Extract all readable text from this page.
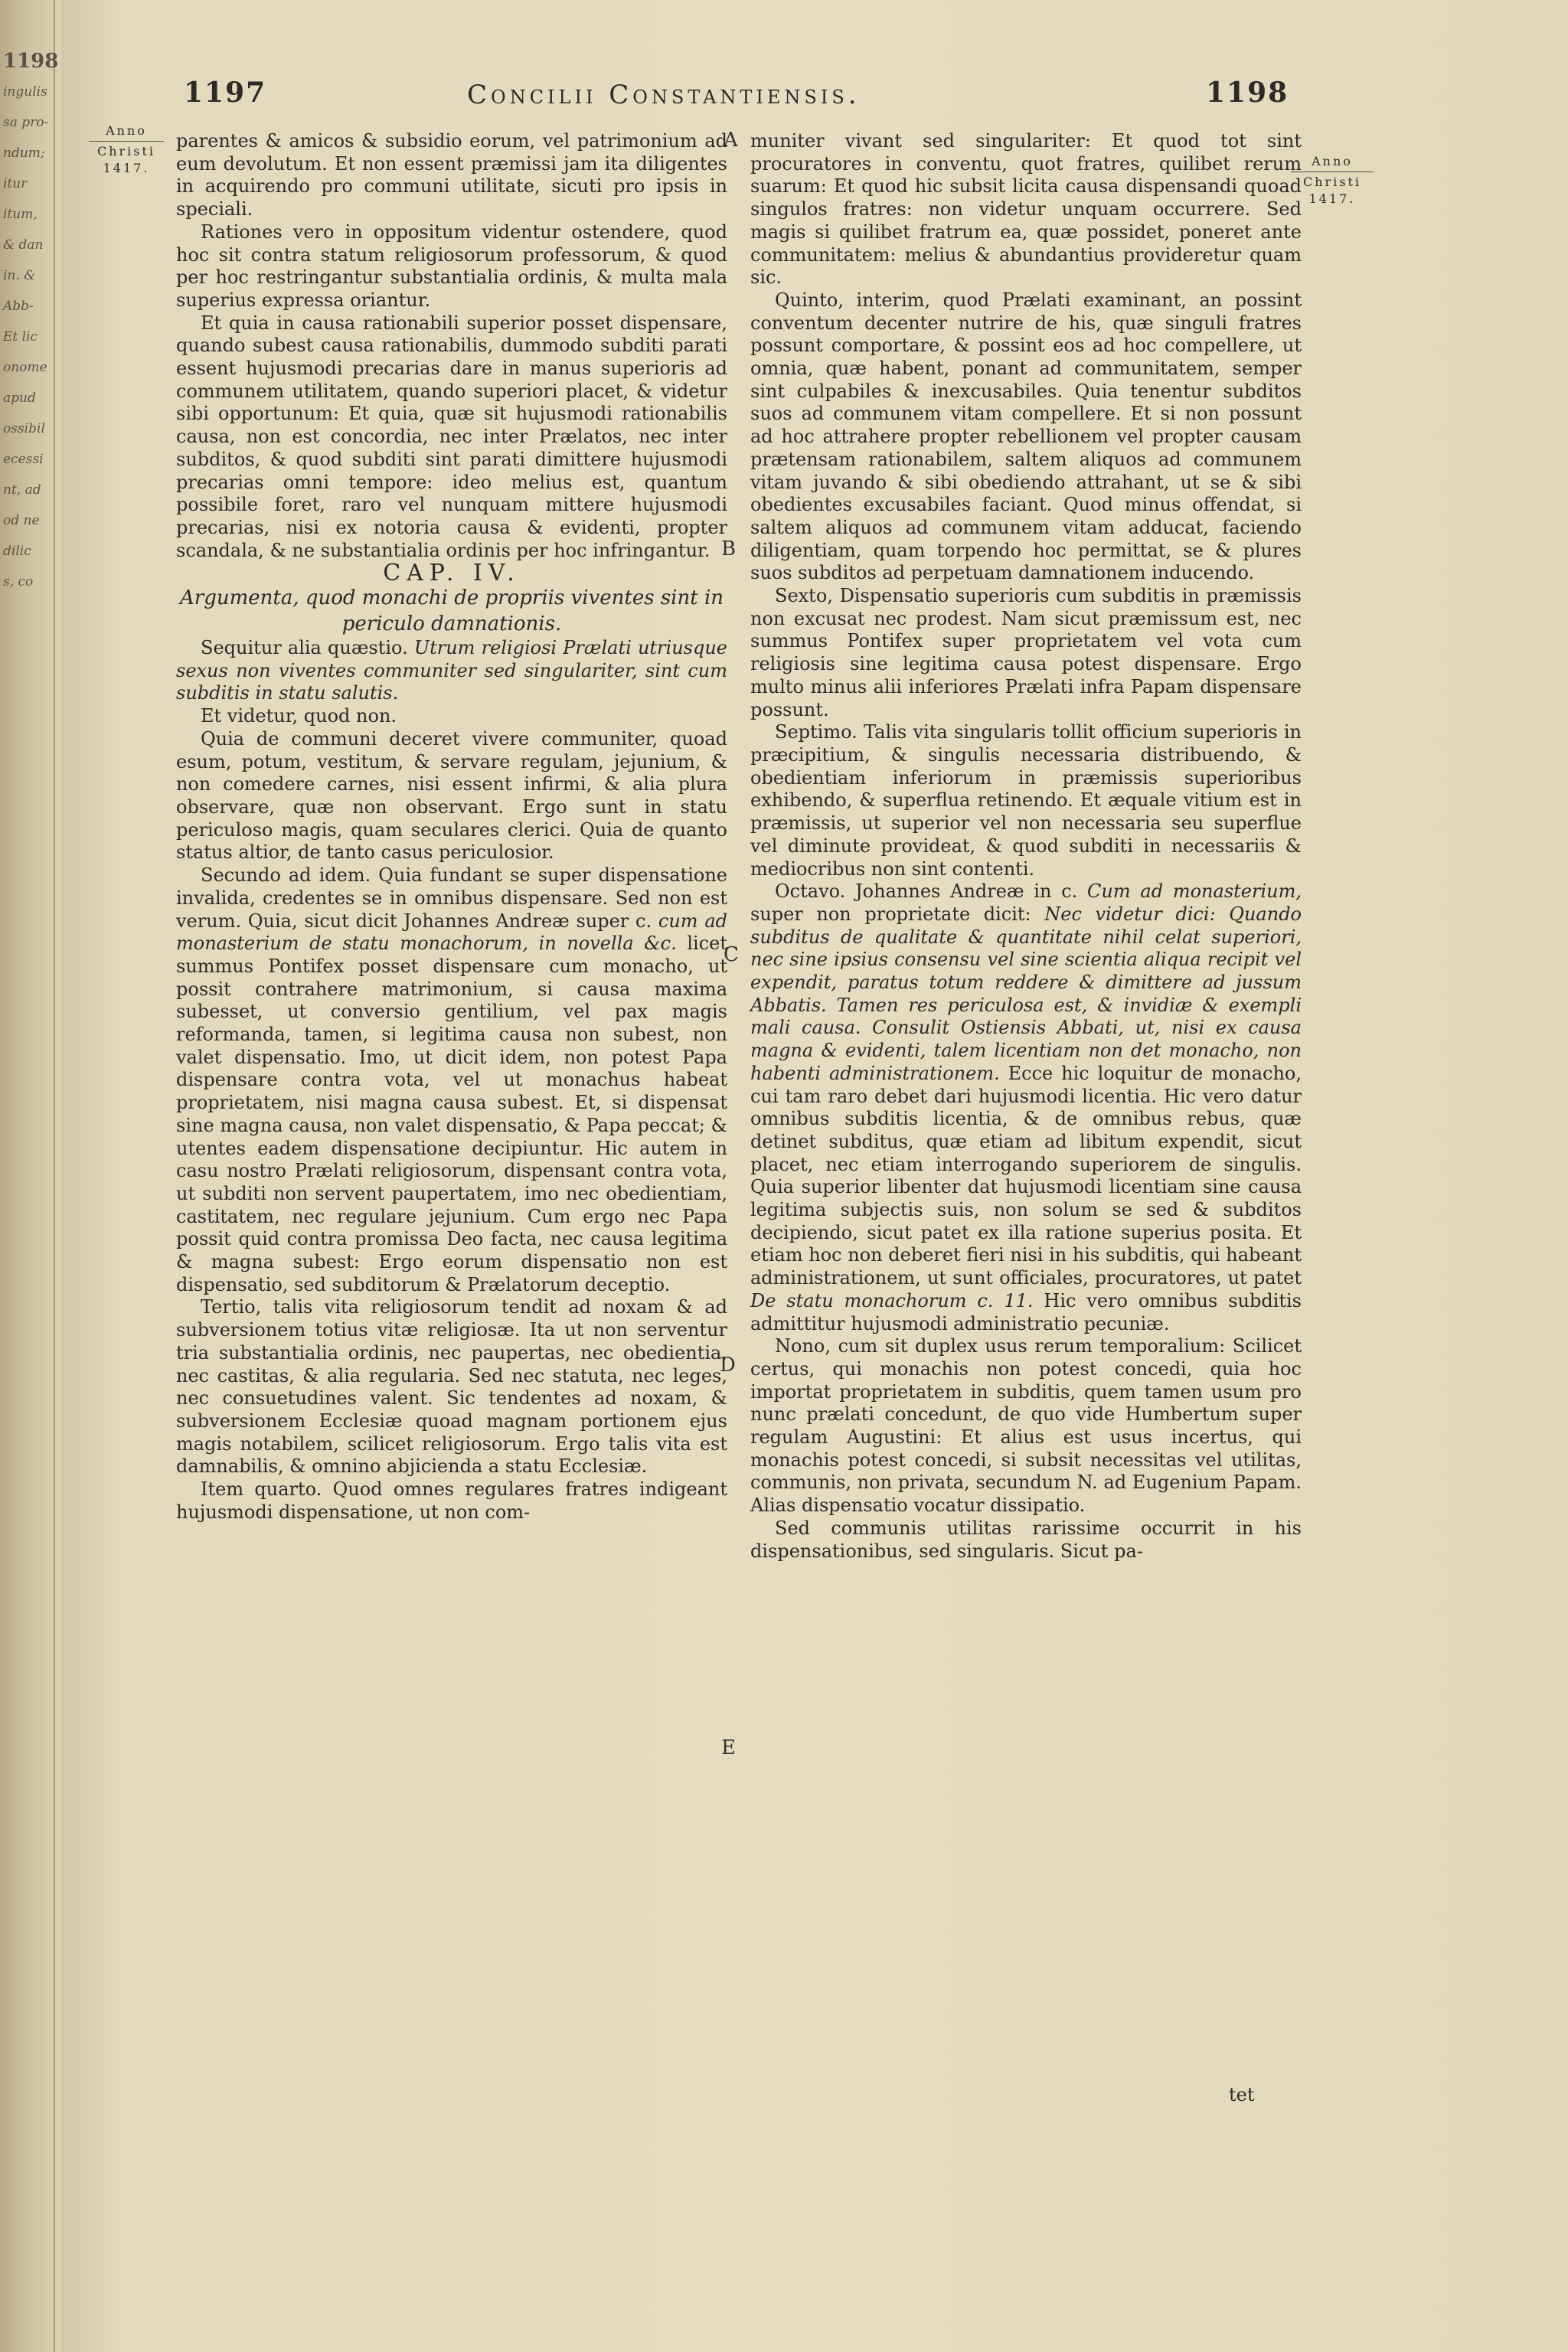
1198
ingulis
sa pro-
ndum;
itur
itum,
& dan
in. &
Abb-
Et lic
onome
apud
ossibil
ecessi
nt, ad
od ne
dilic
s, co
1197	Concilii Constantiensis.	1198
Anno
Christi
1417.	Anno
Christi
1417.
A
B
C
D
E

parentes & amicos & subsidio eorum, vel patrimonium ad eum devolutum. Et non essent præmissi jam ita diligentes in acquirendo pro communi utilitate, sicuti pro ipsis in speciali.

Rationes vero in oppositum videntur ostendere, quod hoc sit contra statum religiosorum professorum, & quod per hoc restringantur substantialia ordinis, & multa mala superius expressa oriantur.

Et quia in causa rationabili superior posset dispensare, quando subest causa rationabilis, dummodo subditi parati essent hujusmodi precarias dare in manus superioris ad communem utilitatem, quando superiori placet, & videtur sibi opportunum: Et quia, quæ sit hujusmodi rationabilis causa, non est concordia, nec inter Prælatos, nec inter subditos, & quod subditi sint parati dimittere hujusmodi precarias omni tempore: ideo melius est, quantum possibile foret, raro vel nunquam mittere hujusmodi precarias, nisi ex notoria causa & evidenti, propter scandala, & ne substantialia ordinis per hoc infringantur.

CAP. IV.

Argumenta, quod monachi de propriis viventes sint in periculo damnationis.

Sequitur alia quæstio. Utrum religiosi Prælati utriusque sexus non viventes communiter sed singulariter, sint cum subditis in statu salutis.

Et videtur, quod non.

Quia de communi deceret vivere communiter, quoad esum, potum, vestitum, & servare regulam, jejunium, & non comedere carnes, nisi essent infirmi, & alia plura observare, quæ non observant. Ergo sunt in statu periculoso magis, quam seculares clerici. Quia de quanto status altior, de tanto casus periculosior.

Secundo ad idem. Quia fundant se super dispensatione invalida, credentes se in omnibus dispensare. Sed non est verum. Quia, sicut dicit Johannes Andreæ super c. cum ad monasterium de statu monachorum, in novella &c. licet summus Pontifex posset dispensare cum monacho, ut possit contrahere matrimonium, si causa maxima subesset, ut conversio gentilium, vel pax magis reformanda, tamen, si legitima causa non subest, non valet dispensatio. Imo, ut dicit idem, non potest Papa dispensare contra vota, vel ut monachus habeat proprietatem, nisi magna causa subest. Et, si dispensat sine magna causa, non valet dispensatio, & Papa peccat; & utentes eadem dispensatione decipiuntur. Hic autem in casu nostro Prælati religiosorum, dispensant contra vota, ut subditi non servent paupertatem, imo nec obedientiam, castitatem, nec regulare jejunium. Cum ergo nec Papa possit quid contra promissa Deo facta, nec causa legitima & magna subest: Ergo eorum dispensatio non est dispensatio, sed subditorum & Prælatorum deceptio.

Tertio, talis vita religiosorum tendit ad noxam & ad subversionem totius vitæ religiosæ. Ita ut non serventur tria substantialia ordinis, nec paupertas, nec obedientia, nec castitas, & alia regularia. Sed nec statuta, nec leges, nec consuetudines valent. Sic tendentes ad noxam, & subversionem Ecclesiæ quoad magnam portionem ejus magis notabilem, scilicet religiosorum. Ergo talis vita est damnabilis, & omnino abjicienda a statu Ecclesiæ.

Item quarto. Quod omnes regulares fratres indigeant hujusmodi dispensatione, ut non com-

muniter vivant sed singulariter: Et quod tot sint procuratores in conventu, quot fratres, quilibet rerum suarum: Et quod hic subsit licita causa dispensandi quoad singulos fratres: non videtur unquam occurrere. Sed magis si quilibet fratrum ea, quæ possidet, poneret ante communitatem: melius & abundantius provideretur quam sic.

Quinto, interim, quod Prælati examinant, an possint conventum decenter nutrire de his, quæ singuli fratres possunt comportare, & possint eos ad hoc compellere, ut omnia, quæ habent, ponant ad communitatem, semper sint culpabiles & inexcusabiles. Quia tenentur subditos suos ad communem vitam compellere. Et si non possunt ad hoc attrahere propter rebellionem vel propter causam prætensam rationabilem, saltem aliquos ad communem vitam juvando & sibi obediendo attrahant, ut se & sibi obedientes excusabiles faciant. Quod minus offendat, si saltem aliquos ad communem vitam adducat, faciendo diligentiam, quam torpendo hoc permittat, se & plures suos subditos ad perpetuam damnationem inducendo.

Sexto, Dispensatio superioris cum subditis in præmissis non excusat nec prodest. Nam sicut præmissum est, nec summus Pontifex super proprietatem vel vota cum religiosis sine legitima causa potest dispensare. Ergo multo minus alii inferiores Prælati infra Papam dispensare possunt.

Septimo. Talis vita singularis tollit officium superioris in præcipitium, & singulis necessaria distribuendo, & obedientiam inferiorum in præmissis superioribus exhibendo, & superflua retinendo. Et æquale vitium est in præmissis, ut superior vel non necessaria seu superflue vel diminute provideat, & quod subditi in necessariis & mediocribus non sint contenti.

Octavo. Johannes Andreæ in c. Cum ad monasterium, super non proprietate dicit: Nec videtur dici: Quando subditus de qualitate & quantitate nihil celat superiori, nec sine ipsius consensu vel sine scientia aliqua recipit vel expendit, paratus totum reddere & dimittere ad jussum Abbatis. Tamen res periculosa est, & invidiæ & exempli mali causa. Consulit Ostiensis Abbati, ut, nisi ex causa magna & evidenti, talem licentiam non det monacho, non habenti administrationem. Ecce hic loquitur de monacho, cui tam raro debet dari hujusmodi licentia. Hic vero datur omnibus subditis licentia, & de omnibus rebus, quæ detinet subditus, quæ etiam ad libitum expendit, sicut placet, nec etiam interrogando superiorem de singulis. Quia superior libenter dat hujusmodi licentiam sine causa legitima subjectis suis, non solum se sed & subditos decipiendo, sicut patet ex illa ratione superius posita. Et etiam hoc non deberet fieri nisi in his subditis, qui habeant administrationem, ut sunt officiales, procuratores, ut patet De statu monachorum c. 11. Hic vero omnibus subditis admittitur hujusmodi administratio pecuniæ.

Nono, cum sit duplex usus rerum temporalium: Scilicet certus, qui monachis non potest concedi, quia hoc importat proprietatem in subditis, quem tamen usum pro nunc prælati concedunt, de quo vide Humbertum super regulam Augustini: Et alius est usus incertus, qui monachis potest concedi, si subsit necessitas vel utilitas, communis, non privata, secundum N. ad Eugenium Papam. Alias dispensatio vocatur dissipatio.

Sed communis utilitas rarissime occurrit in his dispensationibus, sed singularis. Sicut pa-

tet
